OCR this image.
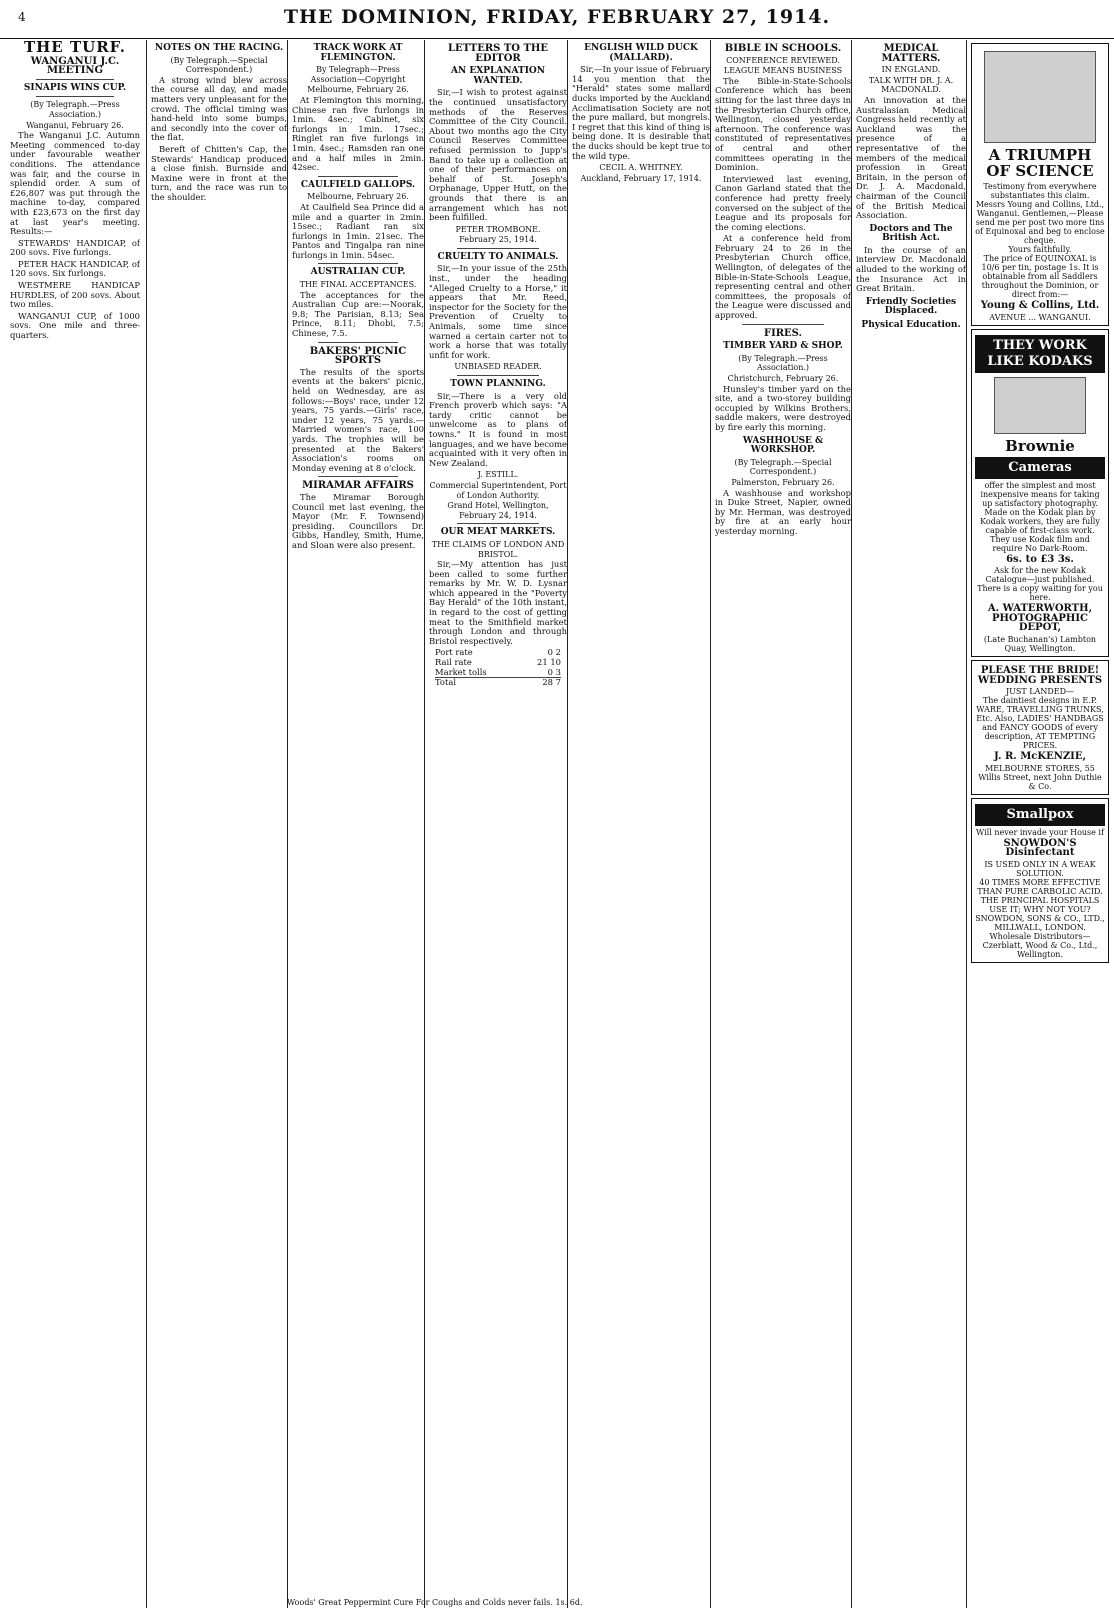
4	THE DOMINION, FRIDAY, FEBRUARY 27, 1914.
THE TURF.
WANGANUI J.C. MEETING
SINAPIS WINS CUP.

(By Telegraph.—Press Association.)

Wanganui, February 26.

The Wanganui J.C. Autumn Meeting commenced to-day under favourable weather conditions. The attendance was fair, and the course in splendid order. A sum of £26,807 was put through the machine to-day, compared with £23,673 on the first day at last year's meeting. Results:—

STEWARDS' HANDICAP, of 200 sovs. Five furlongs.

PETER HACK HANDICAP, of 120 sovs. Six furlongs.

WESTMERE HANDICAP HURDLES, of 200 sovs. About two miles.

WANGANUI CUP, of 1000 sovs. One mile and three-quarters.

NOTES ON THE RACING.

(By Telegraph.—Special Correspondent.)

A strong wind blew across the course all day, and made matters very unpleasant for the crowd. The official timing was hand-held into some bumps, and secondly into the cover of the flat.

Bereft of Chitten's Cap, the Stewards' Handicap produced a close finish. Burnside and Maxine were in front at the turn, and the race was run to the shoulder.

TRACK WORK AT FLEMINGTON.

By Telegraph—Press Association—Copyright

Melbourne, February 26.

At Flemington this morning, Chinese ran five furlongs in 1min. 4sec.; Cabinet, six furlongs in 1min. 17sec.; Ringlet ran five furlongs in 1min. 4sec.; Ramsden ran one and a half miles in 2min. 42sec.

CAULFIELD GALLOPS.

Melbourne, February 26.

At Caulfield Sea Prince did a mile and a quarter in 2min. 15sec.; Radiant ran six furlongs in 1min. 21sec. The Pantos and Tingalpa ran nine furlongs in 1min. 54sec.

AUSTRALIAN CUP.

THE FINAL ACCEPTANCES.

The acceptances for the Australian Cup are:—Noorak, 9.8; The Parisian, 8.13; Sea Prince, 8.11; Dhobi, 7.5; Chinese, 7.5.

BAKERS' PICNIC SPORTS

The results of the sports events at the bakers' picnic, held on Wednesday, are as follows:—Boys' race, under 12 years, 75 yards.—Girls' race, under 12 years, 75 yards.—Married women's race, 100 yards. The trophies will be presented at the Bakers' Association's rooms on Monday evening at 8 o'clock.

MIRAMAR AFFAIRS

The Miramar Borough Council met last evening, the Mayor (Mr. F. Townsend) presiding. Councillors Dr. Gibbs, Handley, Smith, Hume, and Sloan were also present.

LETTERS TO THE EDITOR
AN EXPLANATION WANTED.

Sir,—I wish to protest against the continued unsatisfactory methods of the Reserves Committee of the City Council. About two months ago the City Council Reserves Committee refused permission to Jupp's Band to take up a collection at one of their performances on behalf of St. Joseph's Orphanage, Upper Hutt, on the grounds that there is an arrangement which has not been fulfilled.

PETER TROMBONE.

February 25, 1914.

CRUELTY TO ANIMALS.

Sir,—In your issue of the 25th inst., under the heading "Alleged Cruelty to a Horse," it appears that Mr. Reed, inspector for the Society for the Prevention of Cruelty to Animals, some time since warned a certain carter not to work a horse that was totally unfit for work.

UNBIASED READER.

TOWN PLANNING.

Sir,—There is a very old French proverb which says: "A tardy critic cannot be unwelcome as to plans of towns." It is found in most languages, and we have become acquainted with it very often in New Zealand.

J. ESTILL.

Commercial Superintendent, Port of London Authority.

Grand Hotel, Wellington, February 24, 1914.

OUR MEAT MARKETS.

THE CLAIMS OF LONDON AND BRISTOL.

Sir,—My attention has just been called to some further remarks by Mr. W. D. Lysnar which appeared in the "Poverty Bay Herald" of the 10th instant, in regard to the cost of getting meat to the Smithfield market through London and through Bristol respectively.

Port rate	0 2
Rail rate	21 10
Market tolls	0 3
Total	28 7
ENGLISH WILD DUCK (MALLARD).

Sir,—In your issue of February 14 you mention that the "Herald" states some mallard ducks imported by the Auckland Acclimatisation Society are not the pure mallard, but mongrels. I regret that this kind of thing is being done. It is desirable that the ducks should be kept true to the wild type.

CECIL A. WHITNEY.

Auckland, February 17, 1914.

BIBLE IN SCHOOLS.

CONFERENCE REVIEWED.

LEAGUE MEANS BUSINESS

The Bible-in-State-Schools Conference which has been sitting for the last three days in the Presbyterian Church office, Wellington, closed yesterday afternoon. The conference was constituted of representatives of central and other committees operating in the Dominion.

Interviewed last evening, Canon Garland stated that the conference had pretty freely conversed on the subject of the League and its proposals for the coming elections.

At a conference held from February 24 to 26 in the Presbyterian Church office, Wellington, of delegates of the Bible-in-State-Schools League, representing central and other committees, the proposals of the League were discussed and approved.

FIRES.
TIMBER YARD & SHOP.

(By Telegraph.—Press Association.)

Christchurch, February 26.

Hunsley's timber yard on the site, and a two-storey building occupied by Wilkins Brothers, saddle makers, were destroyed by fire early this morning.

WASHHOUSE & WORKSHOP.

(By Telegraph.—Special Correspondent.)

Palmerston, February 26.

A washhouse and workshop in Duke Street, Napier, owned by Mr. Herman, was destroyed by fire at an early hour yesterday morning.

MEDICAL MATTERS.

IN ENGLAND.

TALK WITH DR. J. A. MACDONALD.

An innovation at the Australasian Medical Congress held recently at Auckland was the presence of a representative of the members of the medical profession in Great Britain, in the person of Dr. J. A. Macdonald, chairman of the Council of the British Medical Association.

Doctors and The British Act.

In the course of an interview Dr. Macdonald alluded to the working of the Insurance Act in Great Britain.

Friendly Societies Displaced.
Physical Education.
A TRIUMPH OF SCIENCE
Testimony from everywhere substantiates this claim.
Messrs Young and Collins, Ltd., Wanganui. Gentlemen,—Please send me per post two more tins of Equinoxal and beg to enclose cheque.
Yours faithfully.
The price of EQUINOXAL is 10/6 per tin, postage 1s. It is obtainable from all Saddlers throughout the Dominion, or direct from:—
Young & Collins, Ltd.
AVENUE ... WANGANUI.
THEY WORK LIKE KODAKS
Brownie
Cameras
offer the simplest and most inexpensive means for taking up satisfactory photography. Made on the Kodak plan by Kodak workers, they are fully capable of first-class work. They use Kodak film and require No Dark-Room.
6s. to £3 3s.
Ask for the new Kodak Catalogue—just published. There is a copy waiting for you here.
A. WATERWORTH, PHOTOGRAPHIC DEPOT,
(Late Buchanan's) Lambton Quay, Wellington.
PLEASE THE BRIDE! WEDDING PRESENTS
JUST LANDED—
The daintiest designs in E.P. WARE, TRAVELLING TRUNKS, Etc. Also, LADIES' HANDBAGS and FANCY GOODS of every description, AT TEMPTING PRICES.
J. R. McKENZIE,
MELBOURNE STORES, 55 Willis Street, next John Duthie & Co.
Smallpox
Will never invade your House if
SNOWDON'S Disinfectant
IS USED ONLY IN A WEAK SOLUTION.
40 TIMES MORE EFFECTIVE THAN PURE CARBOLIC ACID.
THE PRINCIPAL HOSPITALS USE IT; WHY NOT YOU?
SNOWDON, SONS & CO., LTD., MILLWALL, LONDON.
Wholesale Distributors—Czerblatt, Wood & Co., Ltd., Wellington.
Woods' Great Peppermint Cure For Coughs and Colds never fails. 1s. 6d.
